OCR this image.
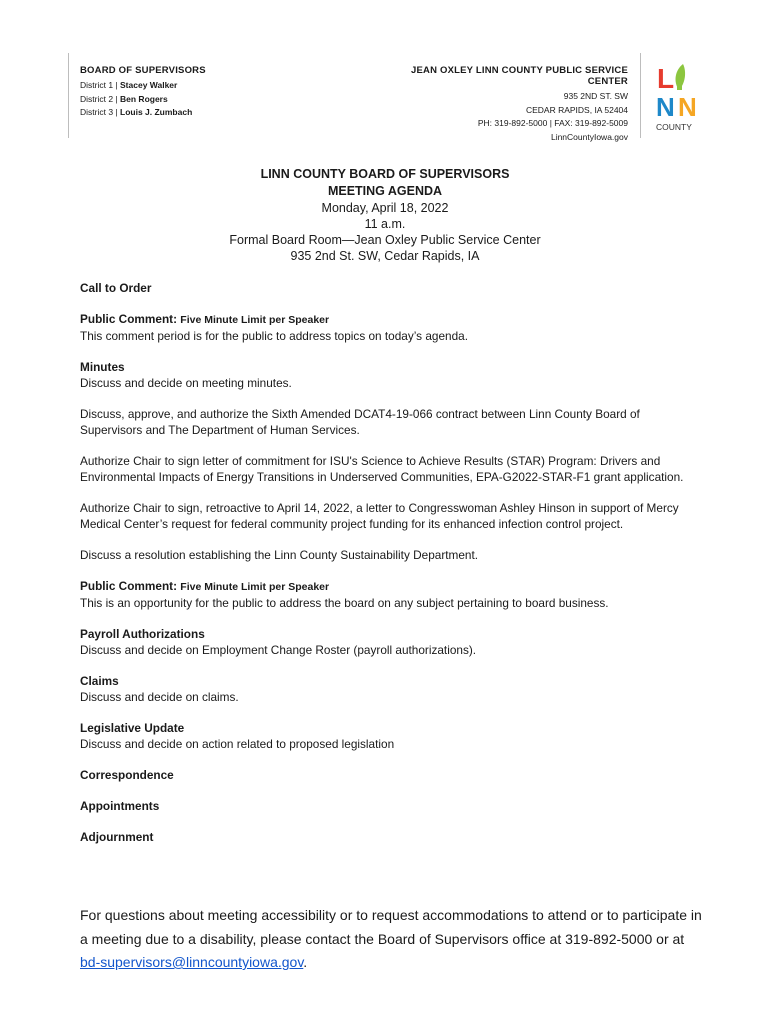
BOARD OF SUPERVISORS
District 1 | Stacey Walker
District 2 | Ben Rogers
District 3 | Louis J. Zumbach
JEAN OXLEY LINN COUNTY PUBLIC SERVICE CENTER
935 2ND ST. SW
CEDAR RAPIDS, IA 52404
PH: 319-892-5000 | FAX: 319-892-5009
LinnCountyIowa.gov
L
N N
COUNTY
LINN COUNTY BOARD OF SUPERVISORS
MEETING AGENDA
Monday, April 18, 2022
11 a.m.
Formal Board Room—Jean Oxley Public Service Center
935 2nd St. SW, Cedar Rapids, IA
Call to Order
Public Comment: Five Minute Limit per Speaker

This comment period is for the public to address topics on today’s agenda.

Minutes

Discuss and decide on meeting minutes.

Discuss, approve, and authorize the Sixth Amended DCAT4-19-066 contract between Linn County Board of Supervisors and The Department of Human Services.

Authorize Chair to sign letter of commitment for ISU's Science to Achieve Results (STAR) Program: Drivers and Environmental Impacts of Energy Transitions in Underserved Communities, EPA-G2022-STAR-F1 grant application.

Authorize Chair to sign, retroactive to April 14, 2022, a letter to Congresswoman Ashley Hinson in support of Mercy Medical Center’s request for federal community project funding for its enhanced infection control project.

Discuss a resolution establishing the Linn County Sustainability Department.

Public Comment: Five Minute Limit per Speaker

This is an opportunity for the public to address the board on any subject pertaining to board business.

Payroll Authorizations

Discuss and decide on Employment Change Roster (payroll authorizations).

Claims

Discuss and decide on claims.

Legislative Update

Discuss and decide on action related to proposed legislation

Correspondence
Appointments
Adjournment
For questions about meeting accessibility or to request accommodations to attend or to participate in a meeting due to a disability, please contact the Board of Supervisors office at 319-892-5000 or at bd-supervisors@linncountyiowa.gov.
